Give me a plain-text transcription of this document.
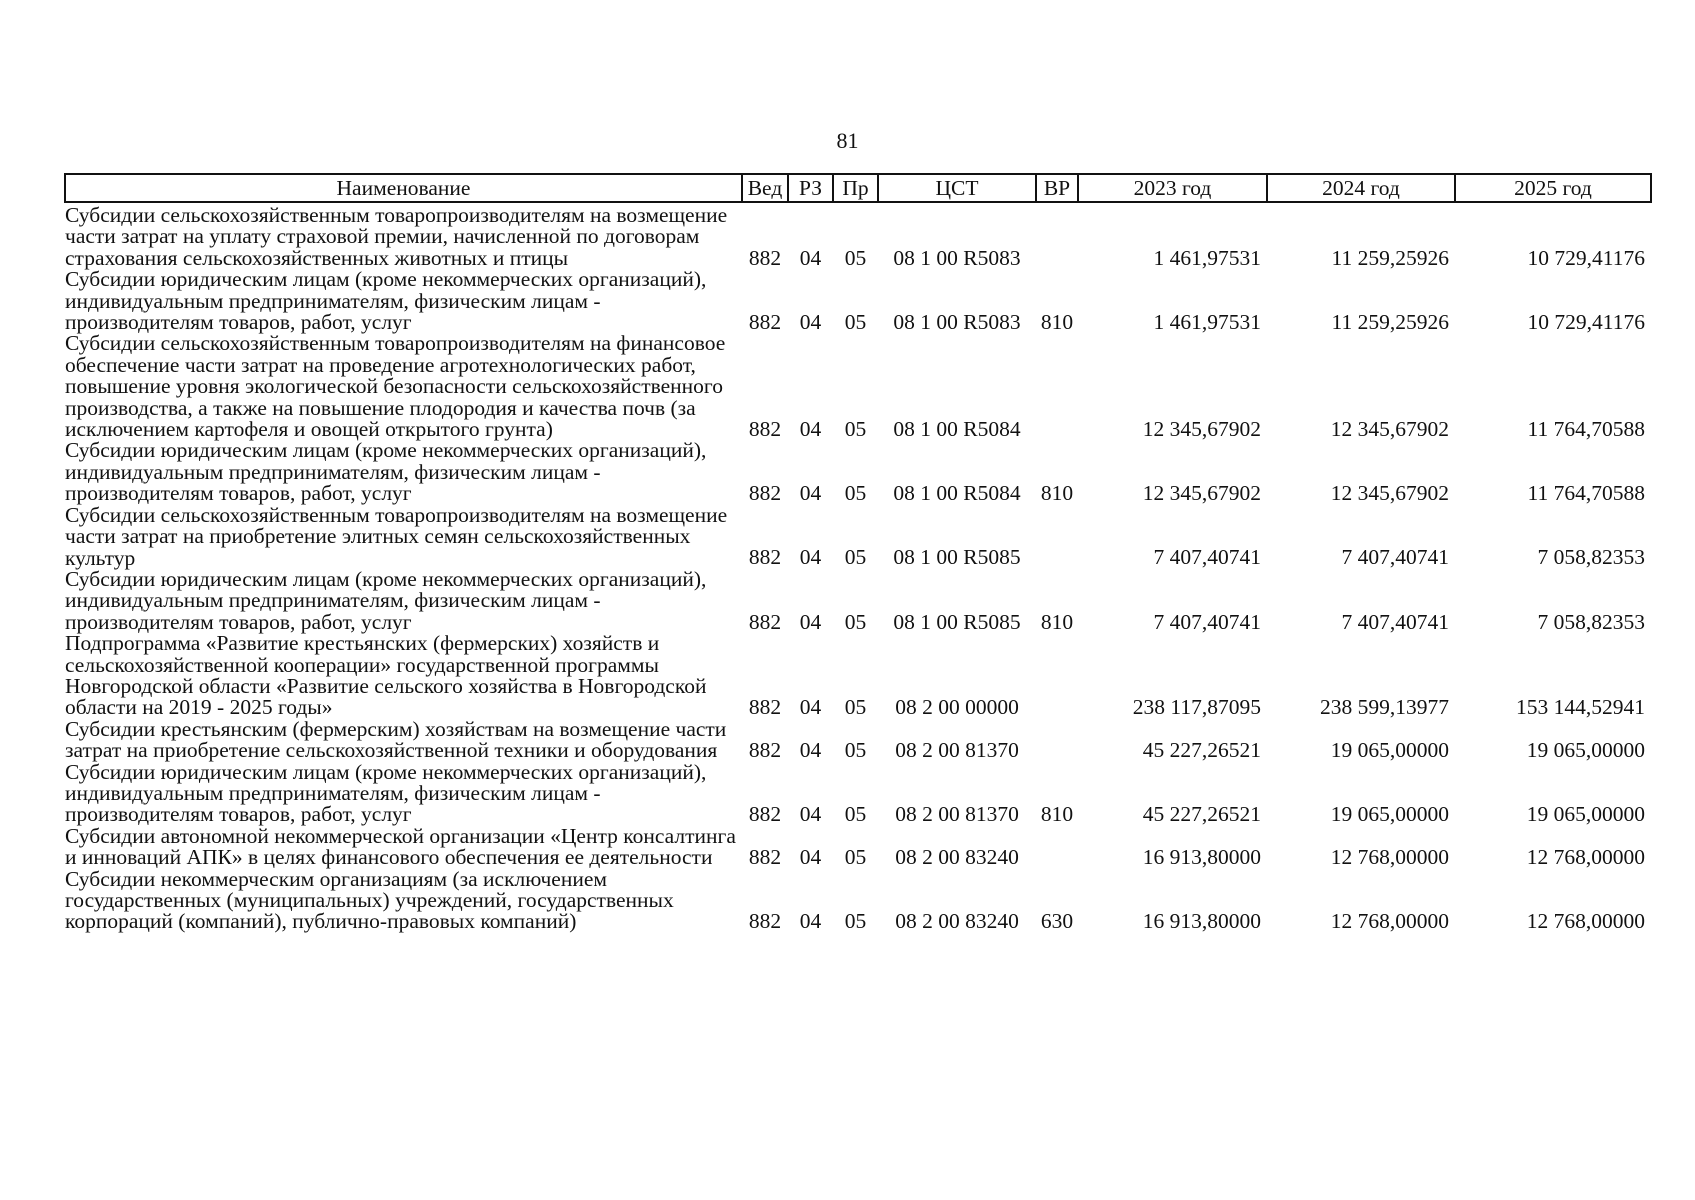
81
Наименование	Вед	РЗ	Пр	ЦСТ	ВР	2023 год	2024 год	2025 год
Субсидии сельскохозяйственным товаропроизводителям на возмещение части затрат на уплату страховой премии, начисленной по договорам страхования сельскохозяйственных животных и птицы	882	04	05	08 1 00 R5083		1 461,97531	11 259,25926	10 729,41176
Субсидии юридическим лицам (кроме некоммерческих организаций), индивидуальным предпринимателям, физическим лицам - производителям товаров, работ, услуг	882	04	05	08 1 00 R5083	810	1 461,97531	11 259,25926	10 729,41176
Субсидии сельскохозяйственным товаропроизводителям на финансовое обеспечение части затрат на проведение агротехнологических работ, повышение уровня экологической безопасности сельскохозяйственного производства, а также на повышение плодородия и качества почв (за исключением картофеля и овощей открытого грунта)	882	04	05	08 1 00 R5084		12 345,67902	12 345,67902	11 764,70588
Субсидии юридическим лицам (кроме некоммерческих организаций), индивидуальным предпринимателям, физическим лицам - производителям товаров, работ, услуг	882	04	05	08 1 00 R5084	810	12 345,67902	12 345,67902	11 764,70588
Субсидии сельскохозяйственным товаропроизводителям на возмещение части затрат на приобретение элитных семян сельскохозяйственных культур	882	04	05	08 1 00 R5085		7 407,40741	7 407,40741	7 058,82353
Субсидии юридическим лицам (кроме некоммерческих организаций), индивидуальным предпринимателям, физическим лицам - производителям товаров, работ, услуг	882	04	05	08 1 00 R5085	810	7 407,40741	7 407,40741	7 058,82353
Подпрограмма «Развитие крестьянских (фермерских) хозяйств и сельскохозяйственной кооперации» государственной программы Новгородской области «Развитие сельского хозяйства в Новгородской области на 2019 - 2025 годы»	882	04	05	08 2 00 00000		238 117,87095	238 599,13977	153 144,52941
Субсидии крестьянским (фермерским) хозяйствам на возмещение части затрат на приобретение сельскохозяйственной техники и оборудования	882	04	05	08 2 00 81370		45 227,26521	19 065,00000	19 065,00000
Субсидии юридическим лицам (кроме некоммерческих организаций), индивидуальным предпринимателям, физическим лицам - производителям товаров, работ, услуг	882	04	05	08 2 00 81370	810	45 227,26521	19 065,00000	19 065,00000
Субсидии автономной некоммерческой организации «Центр консалтинга и инноваций АПК» в целях финансового обеспечения ее деятельности	882	04	05	08 2 00 83240		16 913,80000	12 768,00000	12 768,00000
Субсидии некоммерческим организациям (за исключением государственных (муниципальных) учреждений, государственных корпораций (компаний), публично-правовых компаний)	882	04	05	08 2 00 83240	630	16 913,80000	12 768,00000	12 768,00000
